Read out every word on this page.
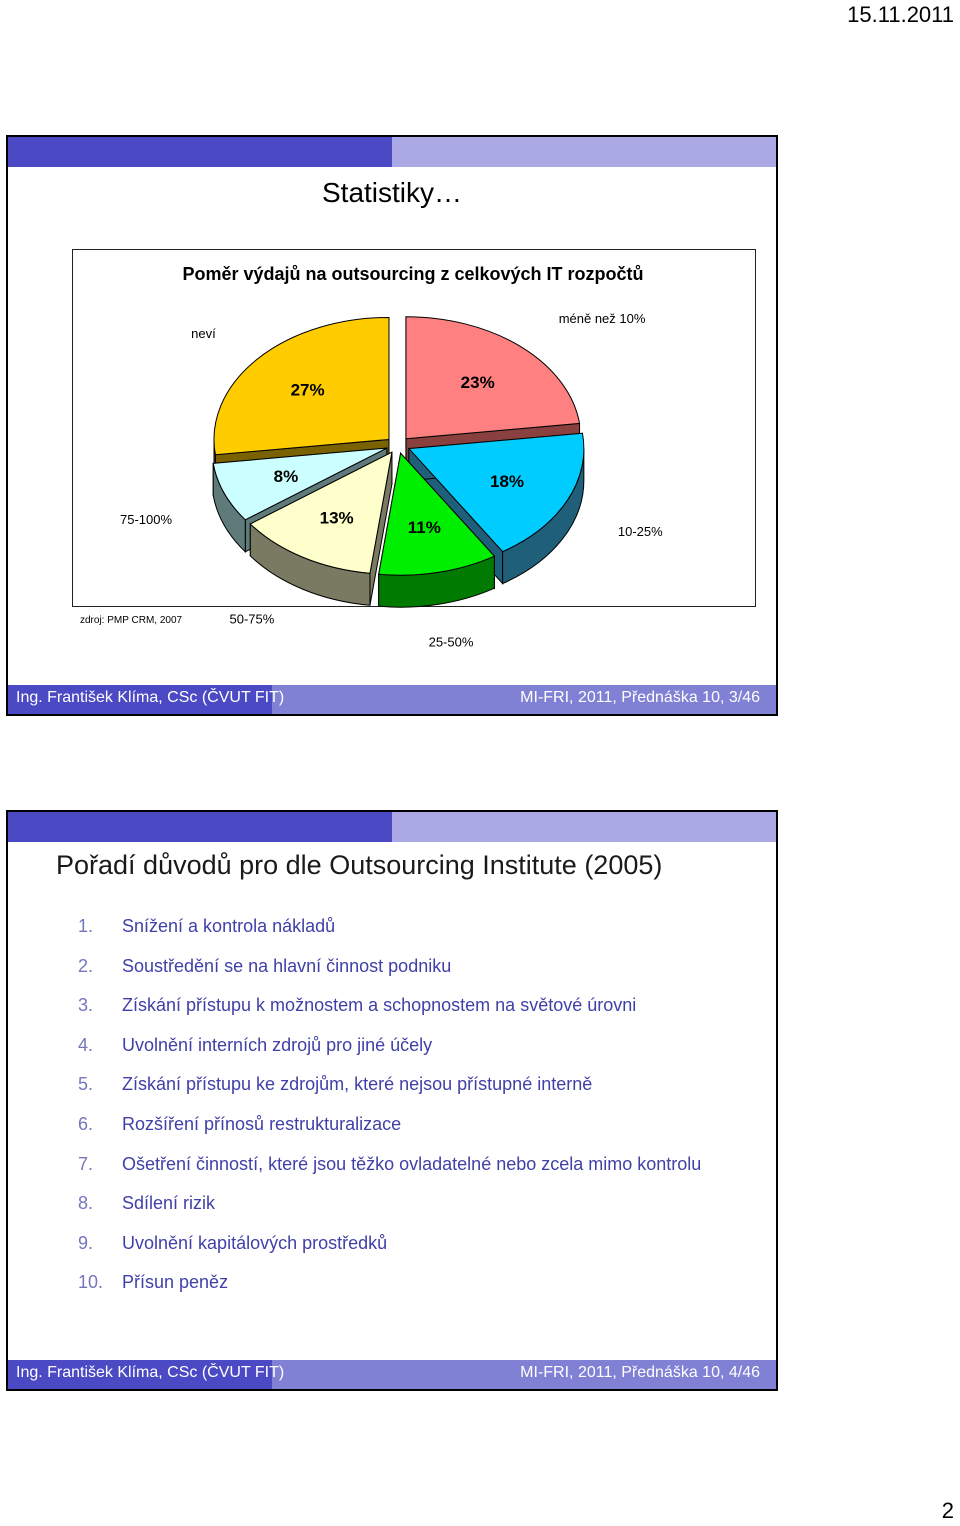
15.11.2011
Statistiky…
Poměr výdajů na outsourcing z celkových IT rozpočtů
23%
méně než 10%
18%
10-25%
11%
25-50%
13%
50-75%
8%
75-100%
27%
neví
zdroj: PMP CRM, 2007
Ing. František Klíma, CSc (ČVUT FIT)	MI-FRI, 2011, Přednáška 10, 3/46
Pořadí důvodů pro dle Outsourcing Institute (2005)
1. Snížení a kontrola nákladů
2. Soustředění se na hlavní činnost podniku
3. Získání přístupu k možnostem a schopnostem na světové úrovni
4. Uvolnění interních zdrojů pro jiné účely
5. Získání přístupu ke zdrojům, které nejsou přístupné interně
6. Rozšíření přínosů restrukturalizace
7. Ošetření činností, které jsou těžko ovladatelné nebo zcela mimo kontrolu
8. Sdílení rizik
9. Uvolnění kapitálových prostředků
10. Přísun peněz
Ing. František Klíma, CSc (ČVUT FIT)	MI-FRI, 2011, Přednáška 10, 4/46
2
